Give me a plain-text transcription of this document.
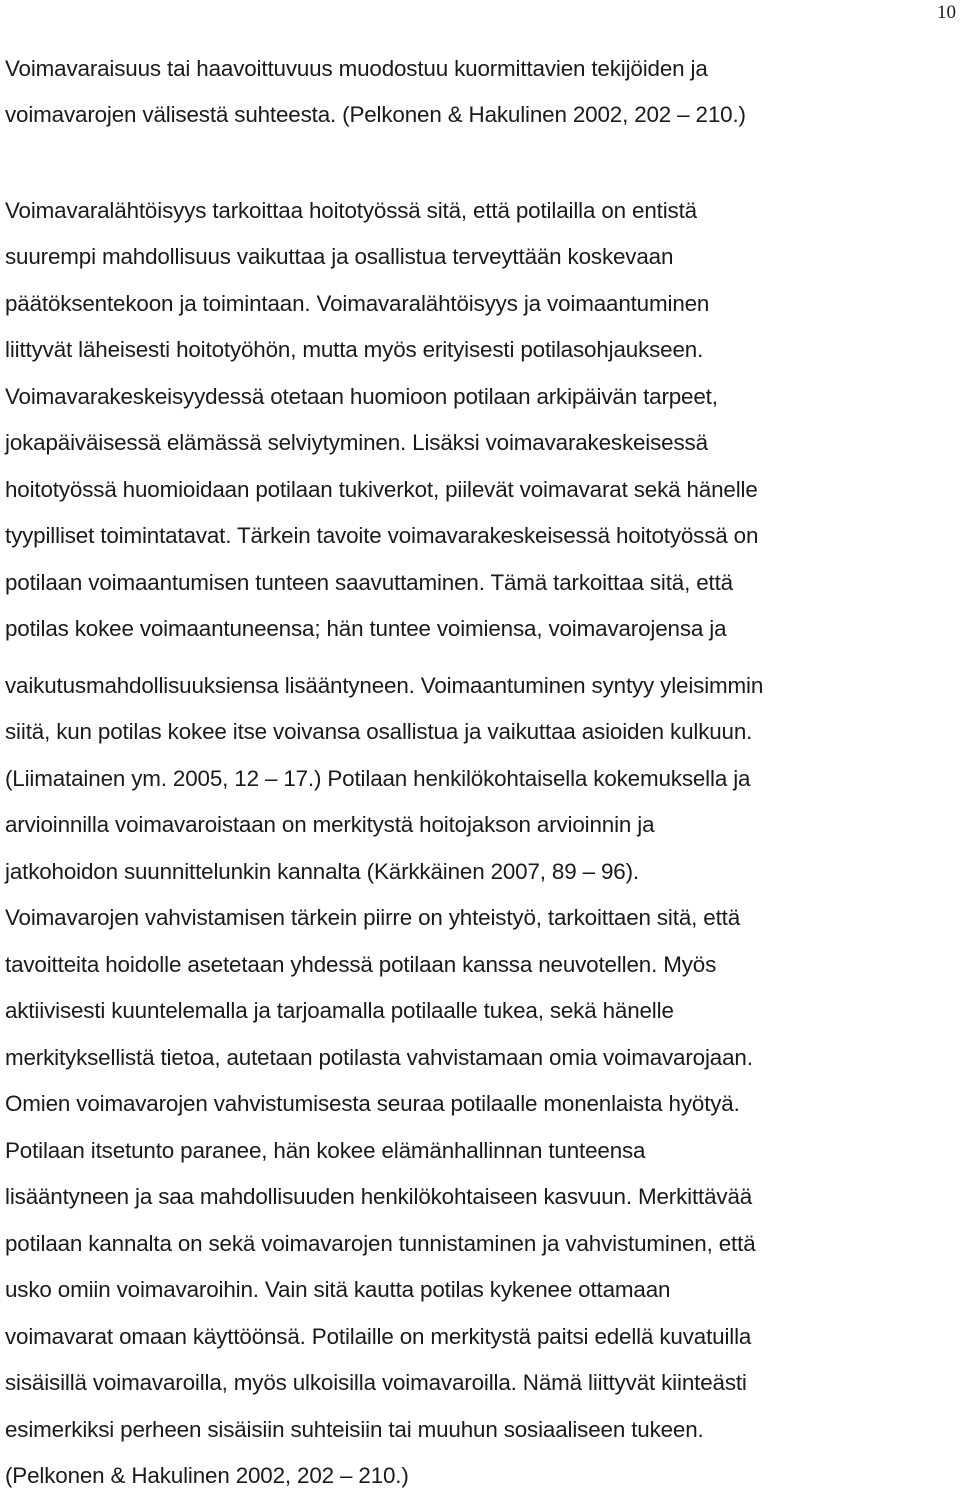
10
Voimavaraisuus tai haavoittuvuus muodostuu kuormittavien tekijöiden ja
voimavarojen välisestä suhteesta. (Pelkonen & Hakulinen 2002, 202 – 210.)
Voimavaralähtöisyys tarkoittaa hoitotyössä sitä, että potilailla on entistä
suurempi mahdollisuus vaikuttaa ja osallistua terveyttään koskevaan
päätöksentekoon ja toimintaan. Voimavaralähtöisyys ja voimaantuminen
liittyvät läheisesti hoitotyöhön, mutta myös erityisesti potilasohjaukseen.
Voimavarakeskeisyydessä otetaan huomioon potilaan arkipäivän tarpeet,
jokapäiväisessä elämässä selviytyminen. Lisäksi voimavarakeskeisessä
hoitotyössä huomioidaan potilaan tukiverkot, piilevät voimavarat sekä hänelle
tyypilliset toimintatavat. Tärkein tavoite voimavarakeskeisessä hoitotyössä on
potilaan voimaantumisen tunteen saavuttaminen. Tämä tarkoittaa sitä, että
potilas kokee voimaantuneensa; hän tuntee voimiensa, voimavarojensa ja
vaikutusmahdollisuuksiensa lisääntyneen. Voimaantuminen syntyy yleisimmin
siitä, kun potilas kokee itse voivansa osallistua ja vaikuttaa asioiden kulkuun.
(Liimatainen ym. 2005, 12 – 17.) Potilaan henkilökohtaisella kokemuksella ja
arvioinnilla voimavaroistaan on merkitystä hoitojakson arvioinnin ja
jatkohoidon suunnittelunkin kannalta (Kärkkäinen 2007, 89 – 96).
Voimavarojen vahvistamisen tärkein piirre on yhteistyö, tarkoittaen sitä, että
tavoitteita hoidolle asetetaan yhdessä potilaan kanssa neuvotellen. Myös
aktiivisesti kuuntelemalla ja tarjoamalla potilaalle tukea, sekä hänelle
merkityksellistä tietoa, autetaan potilasta vahvistamaan omia voimavarojaan.
Omien voimavarojen vahvistumisesta seuraa potilaalle monenlaista hyötyä.
Potilaan itsetunto paranee, hän kokee elämänhallinnan tunteensa
lisääntyneen ja saa mahdollisuuden henkilökohtaiseen kasvuun. Merkittävää
potilaan kannalta on sekä voimavarojen tunnistaminen ja vahvistuminen, että
usko omiin voimavaroihin. Vain sitä kautta potilas kykenee ottamaan
voimavarat omaan käyttöönsä. Potilaille on merkitystä paitsi edellä kuvatuilla
sisäisillä voimavaroilla, myös ulkoisilla voimavaroilla. Nämä liittyvät kiinteästi
esimerkiksi perheen sisäisiin suhteisiin tai muuhun sosiaaliseen tukeen.
(Pelkonen & Hakulinen 2002, 202 – 210.)
